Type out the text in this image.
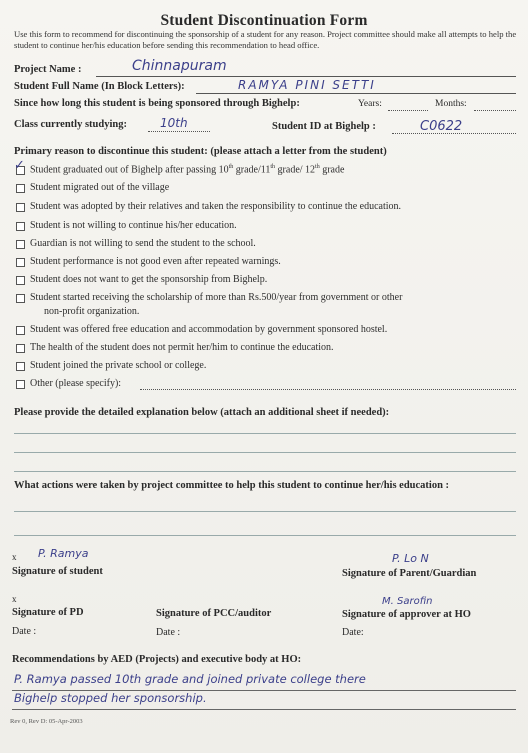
Student Discontinuation Form
Use this form to recommend for discontinuing the sponsorship of a student for any reason. Project committee should make all attempts to help the student to continue her/his education before sending this recommendation to head office.
Project Name :	Chinnapuram
Student Full Name (In Block Letters):	RAMYA PINI SETTI
Since how long this student is being sponsored through Bighelp:	Years:	Months:
Class currently studying:	10th	Student ID at Bighelp :	C0622
Primary reason to discontinue this student: (please attach a letter from the student)
✓ Student graduated out of Bighelp after passing 10th grade/11th grade/ 12th grade
Student migrated out of the village
Student was adopted by their relatives and taken the responsibility to continue the education.
Student is not willing to continue his/her education.
Guardian is not willing to send the student to the school.
Student performance is not good even after repeated warnings.
Student does not want to get the sponsorship from Bighelp.
Student started receiving the scholarship of more than Rs.500/year from government or other
non-profit organization.
Student was offered free education and accommodation by government sponsored hostel.
The health of the student does not permit her/him to continue the education.
Student joined the private school or college.
Other (please specify):
Please provide the detailed explanation below (attach an additional sheet if needed):
What actions were taken by project committee to help this student to continue her/his education :
x P. Ramya
Signature of student
P. Lo N
Signature of Parent/Guardian
x
Signature of PD	Signature of PCC/auditor
M. Sarofin
Signature of approver at HO
Date :	Date :	Date:
Recommendations by AED (Projects) and executive body at HO:
P. Ramya passed 10th grade and joined private college there
Bighelp stopped her sponsorship.
Rev 0, Rev D: 05-Apr-2003
